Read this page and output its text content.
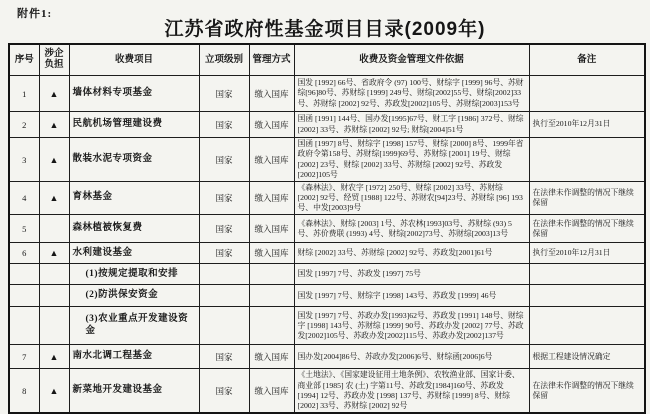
附件1:
江苏省政府性基金项目目录(2009年)
序号	涉企负担	收费项目	立项级别	管理方式	收费及资金管理文件依据	备注
1	▲	墙体材料专项基金	国家	缴入国库	国发 [1992] 66号、省政府令 (97) 100号、财综字 [1999] 96号、苏财综[96]80号、苏财综 [1999] 249号、财综[2002]55号、财综[2002]33号、苏财综 [2002] 92号、苏政发[2002]105号、苏财综[2003]153号	
2	▲	民航机场管理建设费	国家	缴入国库	国函 [1991] 144号、国办发[1995]67号、财工字 [1986] 372号、财综 [2002] 33号、苏财综 [2002] 92号; 财综[2004]51号	执行至2010年12月31日
3	▲	散装水泥专项资金	国家	缴入国库	国函 [1997] 8号、财综字 [1998] 157号、财综 [2000] 8号、1999年省政府令第158号、苏财综[1999]69号、苏财综 [2001] 19号、财综 [2002] 23号、财综 [2002] 33号、苏财综 [2002] 92号、苏政发[2002]105号	
4	▲	育林基金	国家	缴入国库	《森林法》、财农字 [1972] 250号、财综 [2002] 33号、苏财综 [2002] 92号、经贸 [1988] 122号、苏财农[94]23号、苏财综 [96] 193号、中发[2003]9号	在法律未作调整的情况下继续保留
5		森林植被恢复费	国家	缴入国库	《森林法》、财综 [2003] 1号、苏农林[1993]03号、苏财综 (93) 5号、苏价费联 (1993) 4号、财综[2002]73号、苏财综[2003]13号	在法律未作调整的情况下继续保留
6	▲	水利建设基金	国家	缴入国库	财综 [2002] 33号、苏财综 [2002] 92号、苏政发[2001]61号	执行至2010年12月31日
		(1)按规定提取和安排			国发 [1997] 7号、苏政发 [1997] 75号	
		(2)防洪保安资金			国发 [1997] 7号、财综字 [1998] 143号、苏政发 [1999] 46号	
		(3)农业重点开发建设资金			国发 [1997] 7号、苏政办发[1993]62号、苏政发 [1991] 148号、财综字 [1998] 143号、苏财综 [1999] 90号、苏政办发 [2002] 77号、苏政发[2002]105号、苏政办发[2002]115号、苏政办发[2002]137号	
7	▲	南水北调工程基金	国家	缴入国库	国办发[2004]86号、苏政办发[2006]6号、财综函[2006]6号	根据工程建设情况确定
8	▲	新菜地开发建设基金	国家	缴入国库	《土地法》、《国家建设征用土地条例》、农牧渔业部、国家计委、商业部 [1985] 农 (土) 字第11号、苏政发[1984]160号、苏政发 [1994] 12号、苏政办发 [1998] 137号、苏财综 [1999] 8号、财综 [2002] 33号、苏财综 [2002] 92号	在法律未作调整的情况下继续保留
